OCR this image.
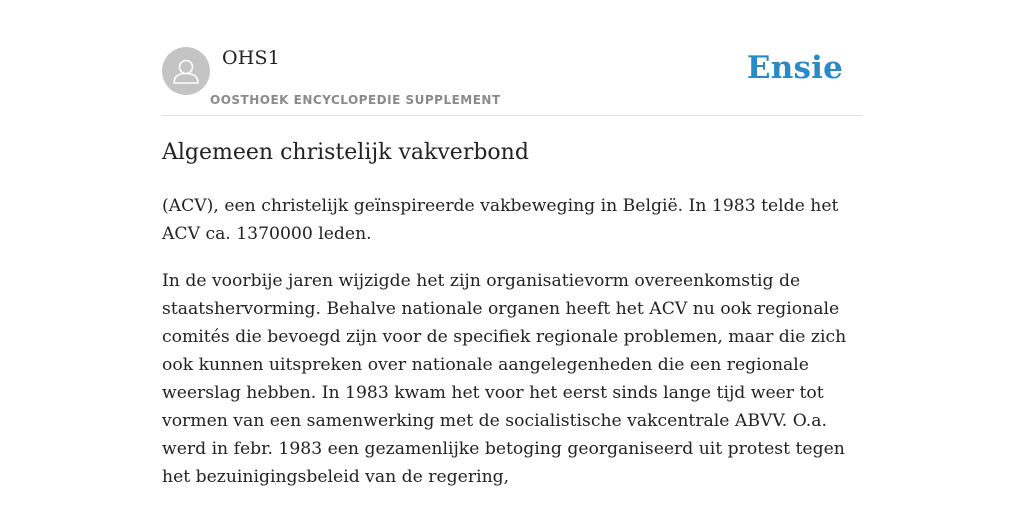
OHS1
OOSTHOEK ENCYCLOPEDIE SUPPLEMENT
Ensie
Algemeen christelijk vakverbond

(ACV), een christelijk geïnspireerde vakbeweging in België. In 1983 telde het ACV ca. 1370000 leden.

In de voorbije jaren wijzigde het zijn organisatievorm overeenkomstig de staatshervorming. Behalve nationale organen heeft het ACV nu ook regionale comités die bevoegd zijn voor de specifiek regionale problemen, maar die zich ook kunnen uitspreken over nationale aangelegenheden die een regionale weerslag hebben. In 1983 kwam het voor het eerst sinds lange tijd weer tot vormen van een samenwerking met de socialistische vakcentrale ABVV. O.a. werd in febr. 1983 een gezamenlijke betoging georganiseerd uit protest tegen het bezuinigingsbeleid van de regering,
